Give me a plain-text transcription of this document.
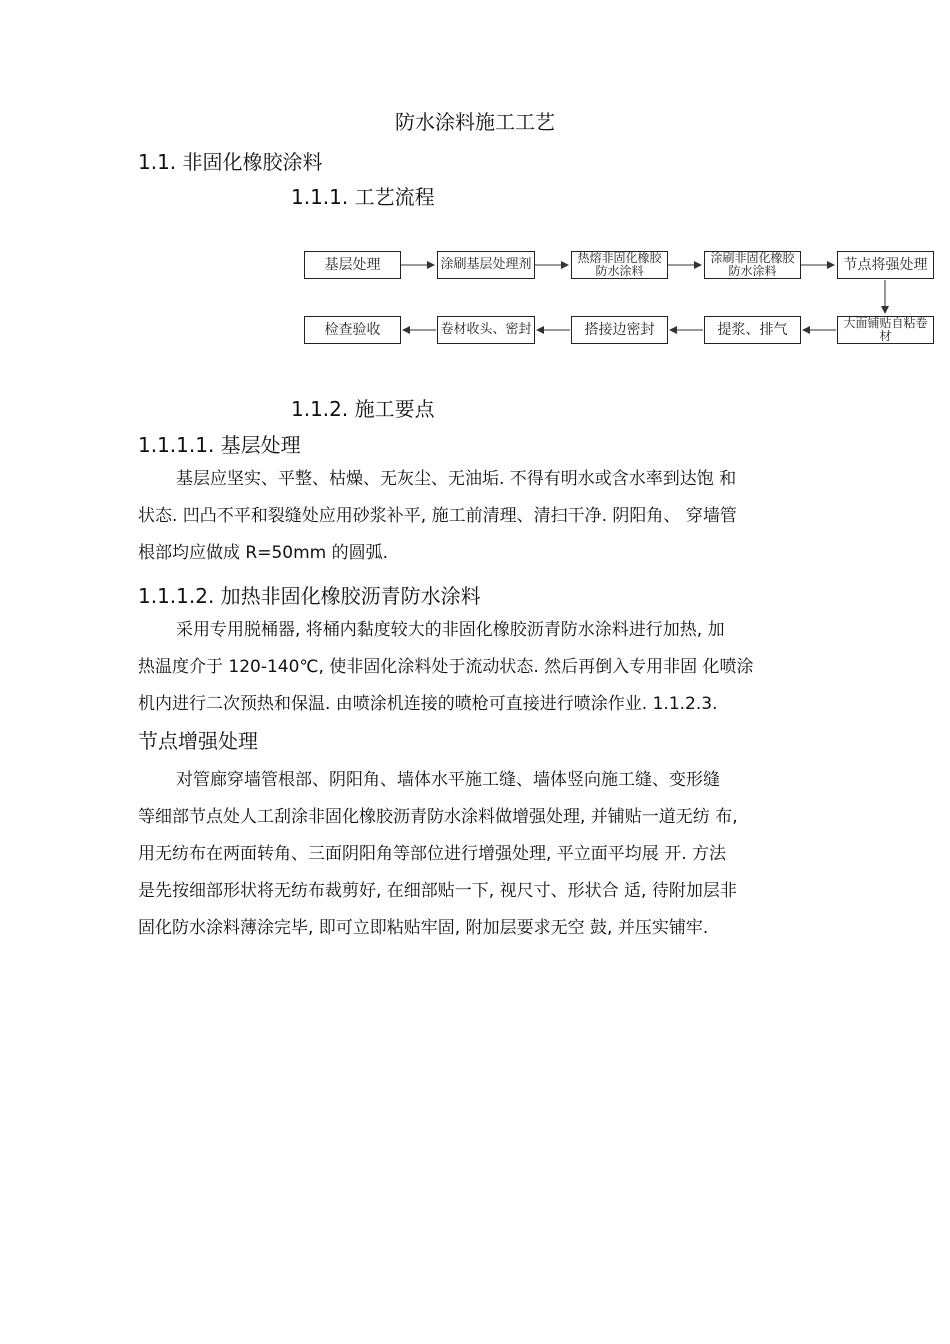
防水涂料施工工艺
1.1. 非固化橡胶涂料
1.1.1. 工艺流程
基层处理	涂刷基层处理剂	热熔非固化橡胶
防水涂料
涂刷非固化橡胶
防水涂料	节点将强处理
检查验收	卷材收头、密封	搭接边密封	提浆、排气	大面铺贴自粘卷
材
1.1.2. 施工要点
1.1.1.1. 基层处理
基层应坚实、平整、枯燥、无灰尘、无油垢. 不得有明水或含水率到达饱 和
状态. 凹凸不平和裂缝处应用砂浆补平, 施工前清理、清扫干净. 阴阳角、 穿墙管
根部均应做成 R=50mm 的圆弧.
1.1.1.2. 加热非固化橡胶沥青防水涂料
采用专用脱桶器, 将桶内黏度较大的非固化橡胶沥青防水涂料进行加热, 加
热温度介于 120-140℃, 使非固化涂料处于流动状态. 然后再倒入专用非固 化喷涂
机内进行二次预热和保温. 由喷涂机连接的喷枪可直接进行喷涂作业. 1.1.2.3.
节点增强处理
对管廊穿墙管根部、阴阳角、墙体水平施工缝、墙体竖向施工缝、变形缝
等细部节点处人工刮涂非固化橡胶沥青防水涂料做增强处理, 并铺贴一道无纺 布,
用无纺布在两面转角、三面阴阳角等部位进行增强处理, 平立面平均展 开. 方法
是先按细部形状将无纺布裁剪好, 在细部贴一下, 视尺寸、形状合 适, 待附加层非
固化防水涂料薄涂完毕, 即可立即粘贴牢固, 附加层要求无空 鼓, 并压实铺牢.
